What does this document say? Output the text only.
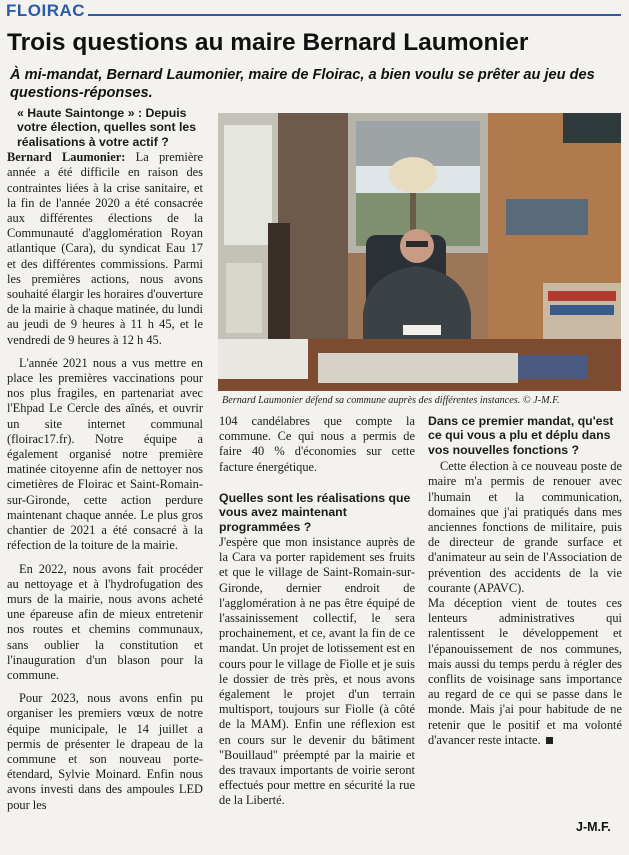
FLOIRAC
Trois questions au maire Bernard Laumonier
À mi-mandat, Bernard Laumonier, maire de Floirac, a bien voulu se prêter au jeu des questions-réponses.

« Haute Saintonge » : Depuis

votre élection, quelles sont les réalisations à votre actif ?

Bernard Laumonier: La première année a été difficile en raison des contraintes liées à la crise sanitaire, et la fin de l'année 2020 a été consacrée aux différentes élections de la Communauté d'agglomération Royan atlantique (Cara), du syndicat Eau 17 et des différentes commissions. Parmi les premières actions, nous avons souhaité élargir les horaires d'ouverture de la mairie à chaque matinée, du lundi au jeudi de 9 heures à 11 h 45, et le vendredi de 9 heures à 12 h 45.

L'année 2021 nous a vus mettre en place les premières vaccinations pour nos plus fragiles, en partenariat avec l'Ehpad Le Cercle des aînés, et ouvrir un site internet communal (floirac17.fr). Notre équipe a également organisé notre première matinée citoyenne afin de nettoyer nos cimetières de Floirac et Saint-Romain-sur-Gironde, cette action perdure maintenant chaque année. Le plus gros chantier de 2021 a été consacré à la réfection de la toiture de la mairie.

En 2022, nous avons fait procéder au nettoyage et à l'hydrofugation des murs de la mairie, nous avons acheté une épareuse afin de mieux entretenir nos routes et chemins communaux, sans oublier la constitution et l'inauguration d'un blason pour la commune.

Pour 2023, nous avons enfin pu organiser les premiers vœux de notre équipe municipale, le 14 juillet a permis de présenter le drapeau de la commune et son nouveau porte-étendard, Sylvie Moinard. Enfin nous avons investi dans des ampoules LED pour les

Bernard Laumonier défend sa commune auprès des différentes instances. © J-M.F.

104 candélabres que compte la commune. Ce qui nous a permis de faire 40 % d'économies sur cette facture énergétique.

Quelles sont les réalisations que vous avez maintenant programmées ?

J'espère que mon insistance auprès de la Cara va porter rapidement ses fruits et que le village de Saint-Romain-sur-Gironde, dernier endroit de l'agglomération à ne pas être équipé de l'assainissement collectif, le sera prochainement, et ce, avant la fin de ce mandat. Un projet de lotissement est en cours pour le village de Fiolle et je suis le dossier de très près, et nous avons également le projet d'un terrain multisport, toujours sur Fiolle (à côté de la MAM). Enfin une réflexion est en cours sur le devenir du bâtiment "Bouillaud" préempté par la mairie et des travaux importants de voirie seront effectués pour mettre en sécurité la rue de la Liberté.

Dans ce premier mandat, qu'est ce qui vous a plu et déplu dans vos nouvelles fonctions ?

Cette élection à ce nouveau poste de maire m'a permis de renouer avec l'humain et la communication, domaines que j'ai pratiqués dans mes anciennes fonctions de militaire, puis de directeur de grande surface et d'animateur au sein de l'Association de prévention des accidents de la vie courante (APAVC).

Ma déception vient de toutes ces lenteurs administratives qui ralentissent le développement et l'épanouissement de nos communes, mais aussi du temps perdu à régler des conflits de voisinage sans importance au regard de ce qui se passe dans le monde. Mais j'ai pour habitude de ne retenir que le positif et ma volonté d'avancer reste intacte.

J-M.F.
